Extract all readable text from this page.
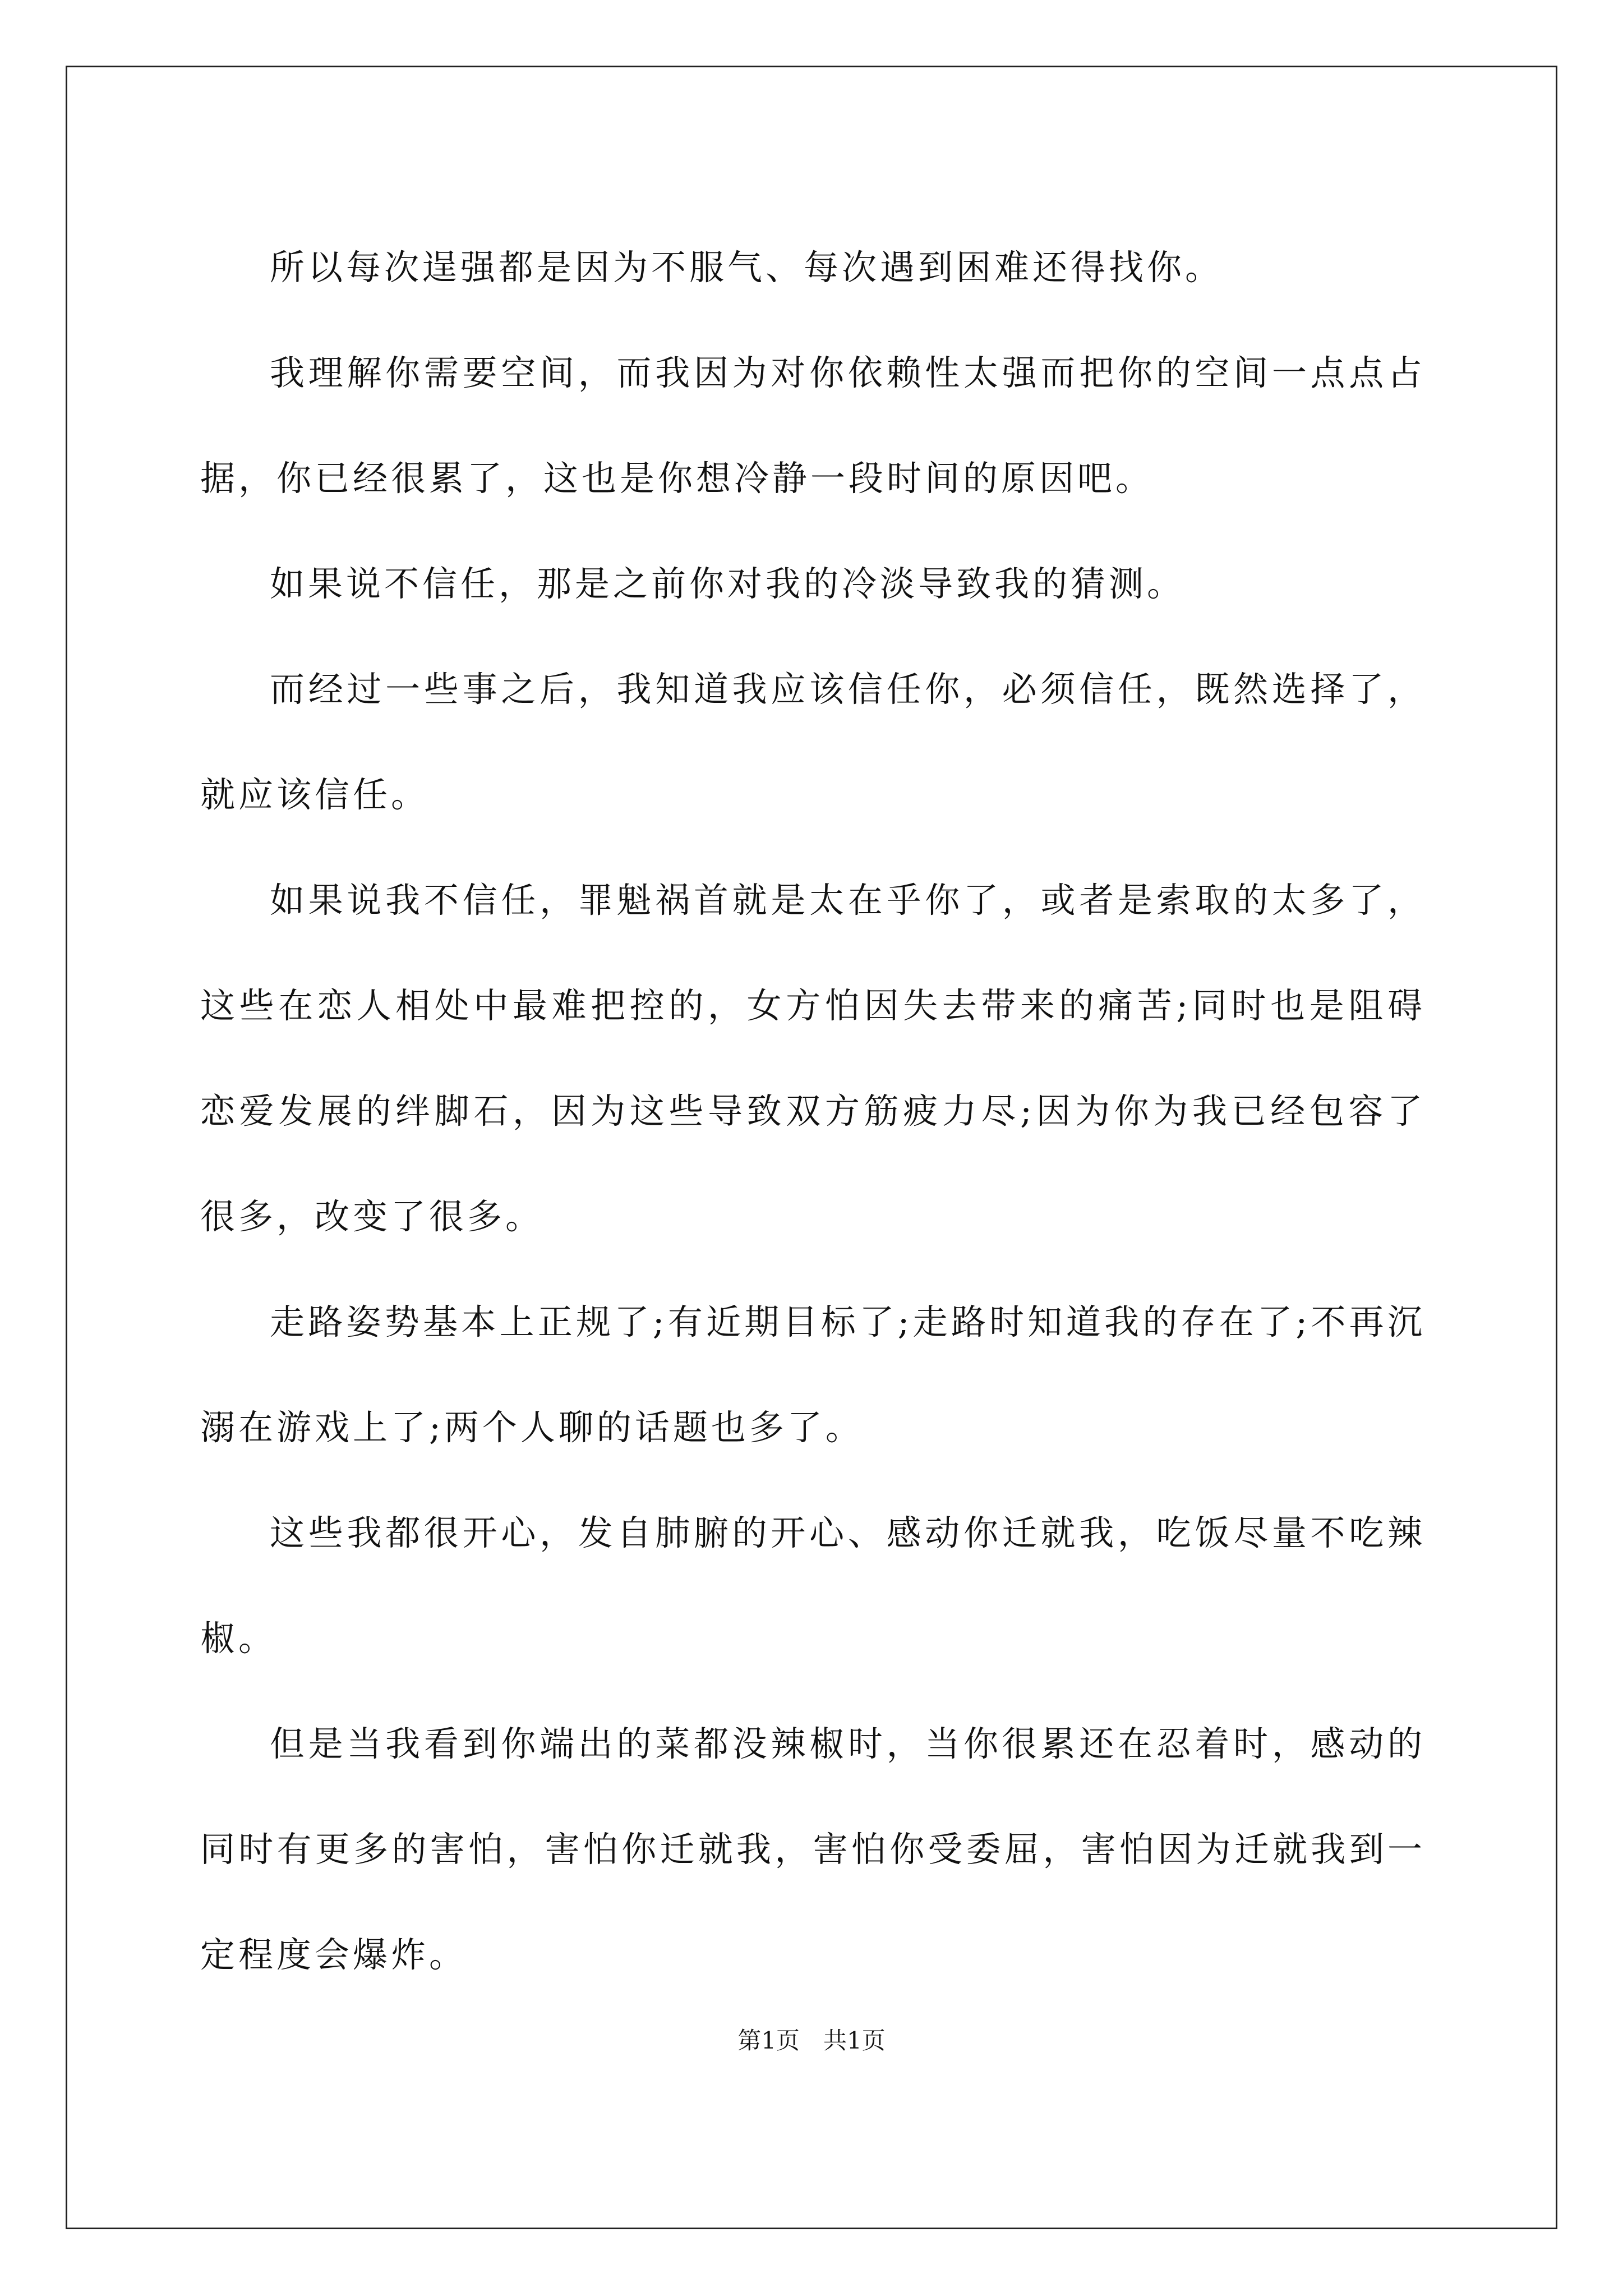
所以每次逞强都是因为不服气、每次遇到困难还得找你。

我理解你需要空间，而我因为对你依赖性太强而把你的空间一点点占据，你已经很累了，这也是你想冷静一段时间的原因吧。

如果说不信任，那是之前你对我的冷淡导致我的猜测。

而经过一些事之后，我知道我应该信任你，必须信任，既然选择了，就应该信任。

如果说我不信任，罪魁祸首就是太在乎你了，或者是索取的太多了，这些在恋人相处中最难把控的，女方怕因失去带来的痛苦;同时也是阻碍恋爱发展的绊脚石，因为这些导致双方筋疲力尽;因为你为我已经包容了很多，改变了很多。

走路姿势基本上正规了;有近期目标了;走路时知道我的存在了;不再沉溺在游戏上了;两个人聊的话题也多了。

这些我都很开心，发自肺腑的开心、感动你迁就我，吃饭尽量不吃辣椒。

但是当我看到你端出的菜都没辣椒时，当你很累还在忍着时，感动的同时有更多的害怕，害怕你迁就我，害怕你受委屈，害怕因为迁就我到一定程度会爆炸。

第1页　共1页
